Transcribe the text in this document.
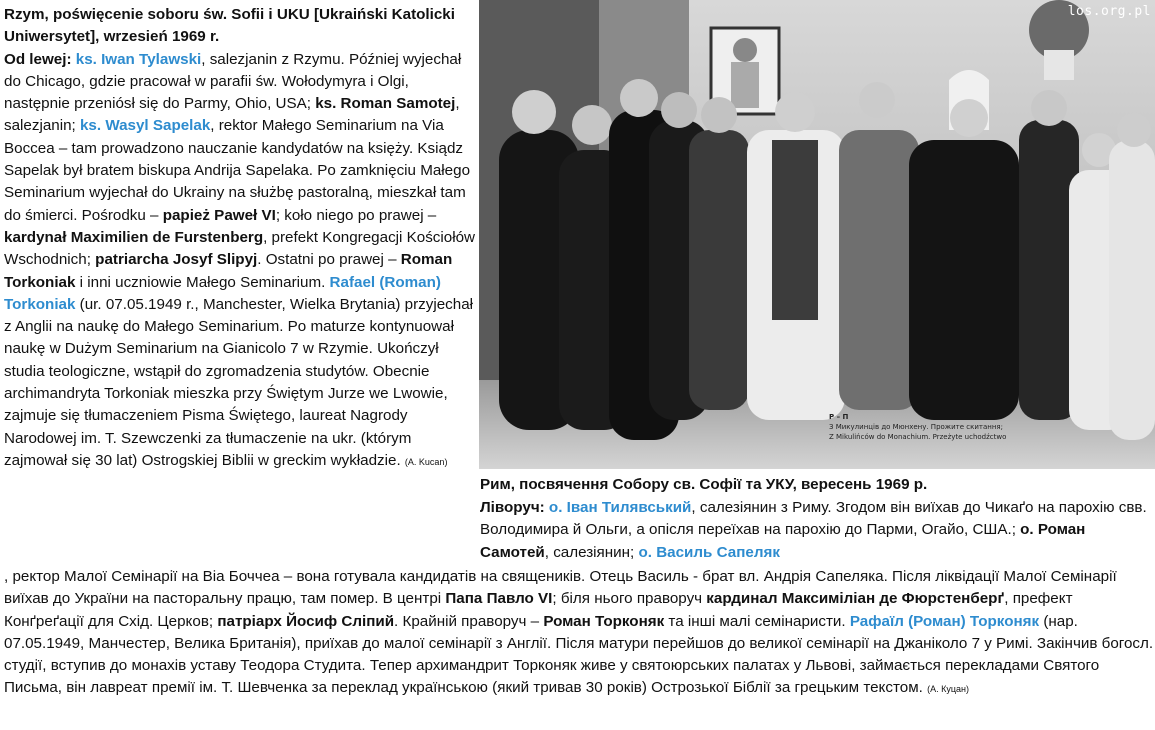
Rzym, poświęcenie soboru św. Sofii i UKU [Ukraiński Katolicki Uniwersytet], wrzesień 1969 r.

Od lewej: ks. Iwan Tylawski, salezjanin z Rzymu. Później wyjechał do Chicago, gdzie pracował w parafii św. Wołodymyra i Olgi, następnie przeniósł się do Parmy, Ohio, USA; ks. Roman Samotej, salezjanin; ks. Wasyl Sapelak, rektor Małego Seminarium na Via Boccea – tam prowadzono nauczanie kandydatów na księży. Ksiądz Sapelak był bratem biskupa Andrija Sapelaka. Po zamknięciu Małego Seminarium wyjechał do Ukrainy na służbę pastoralną, mieszkał tam do śmierci. Pośrodku – papież Paweł VI; koło niego po prawej – kardynał Maximilien de Furstenberg, prefekt Kongregacji Kościołów Wschodnich; patriarcha Josyf Slipyj. Ostatni po prawej – Roman Torkoniak i inni uczniowie Małego Seminarium. Rafael (Roman) Torkoniak (ur. 07.05.1949 r., Manchester, Wielka Brytania) przyjechał z Anglii na naukę do Małego Seminarium. Po maturze kontynuował naukę w Dużym Seminarium na Gianicolo 7 w Rzymie. Ukończył studia teologiczne, wstąpił do zgromadzenia studytów. Obecnie archimandryta Torkoniak mieszka przy Świętym Jurze we Lwowie, zajmuje się tłumaczeniem Pisma Świętego, laureat Nagrody Narodowej im. T. Szewczenki za tłumaczenie na ukr. (którym zajmował się 30 lat) Ostrogskiej Biblii w greckim wykładzie. (A. Kucan)

los.org.pl
P – П
З Микулинців до Мюнхену. Прожите скитання;
Z Mikulińców do Monachium. Przeżyte uchodźctwo

Рим, посвячення Собору св. Софії та УКУ, вересень 1969 р.

Ліворуч: о. Іван Тилявський, салезіянин з Риму. Згодом він виїхав до Чикаґо на парохію свв. Володимира й Ольги, а опісля переїхав на парохію до Парми, Огайо, США.; о. Роман Самотей, салезіянин; о. Василь Сапеляк

, ректор Малої Семінарії на Віа Боччеа – вона готувала кандидатів на священиків. Отець Василь - брат вл. Андрія Сапеляка. Після ліквідації Малої Семінарії виїхав до України на пасторальну працю, там помер. В центрі Папа Павло VI; біля нього праворуч кардинал Максиміліан де Фюрстенберґ, префект Конґреґації для Схід. Церков; патріарх Йосиф Сліпий. Крайній праворуч – Роман Торконяк та інші малі семінаристи. Рафаїл (Роман) Торконяк (нар. 07.05.1949, Манчестер, Велика Британія), приїхав до малої семінарії з Англії. Після матури перейшов до великої семінарії на Джаніколо 7 у Римі. Закінчив богосл. студії, вступив до монахів уставу Теодора Студита. Тепер архимандрит Торконяк живе у святоюрських палатах у Львові, займається перекладами Святого Письма, він лавреат премії ім. Т. Шевченка за переклад українською (який тривав 30 років) Острозької Біблії за грецьким текстом. (А. Куцан)
